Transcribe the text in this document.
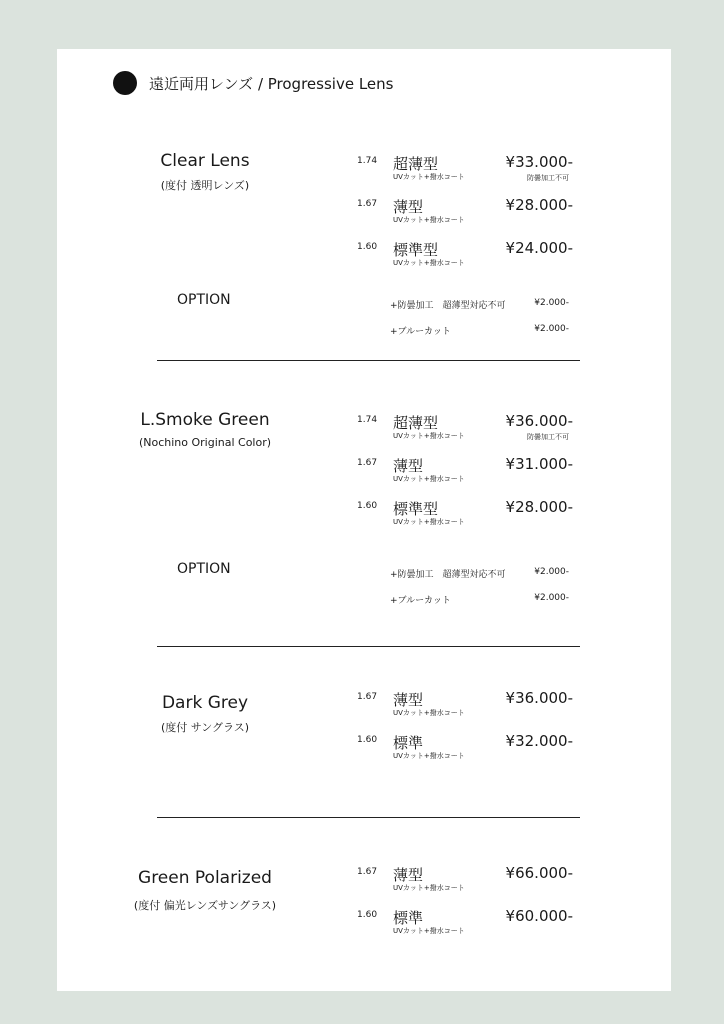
遠近両用レンズ / Progressive Lens
Clear Lens
(度付 透明レンズ)
1.74 超薄型
UVカット+撥水コート
¥33.000-
防曇加工不可
1.67 薄型
UVカット+撥水コート
¥28.000-
1.60 標準型
UVカット+撥水コート
¥24.000-
OPTION	+防曇加工　超薄型対応不可	¥2.000-
+ブルーカット	¥2.000-
L.Smoke Green
(Nochino Original Color)
1.74 超薄型
UVカット+撥水コート
¥36.000-
防曇加工不可
1.67 薄型
UVカット+撥水コート
¥31.000-
1.60 標準型
UVカット+撥水コート
¥28.000-
OPTION	+防曇加工　超薄型対応不可	¥2.000-
+ブルーカット	¥2.000-
Dark Grey
(度付 サングラス)
1.67 薄型
UVカット+撥水コート
¥36.000-
1.60 標準
UVカット+撥水コート
¥32.000-
Green Polarized
(度付 偏光レンズサングラス)
1.67 薄型
UVカット+撥水コート
¥66.000-
1.60 標準
UVカット+撥水コート
¥60.000-
